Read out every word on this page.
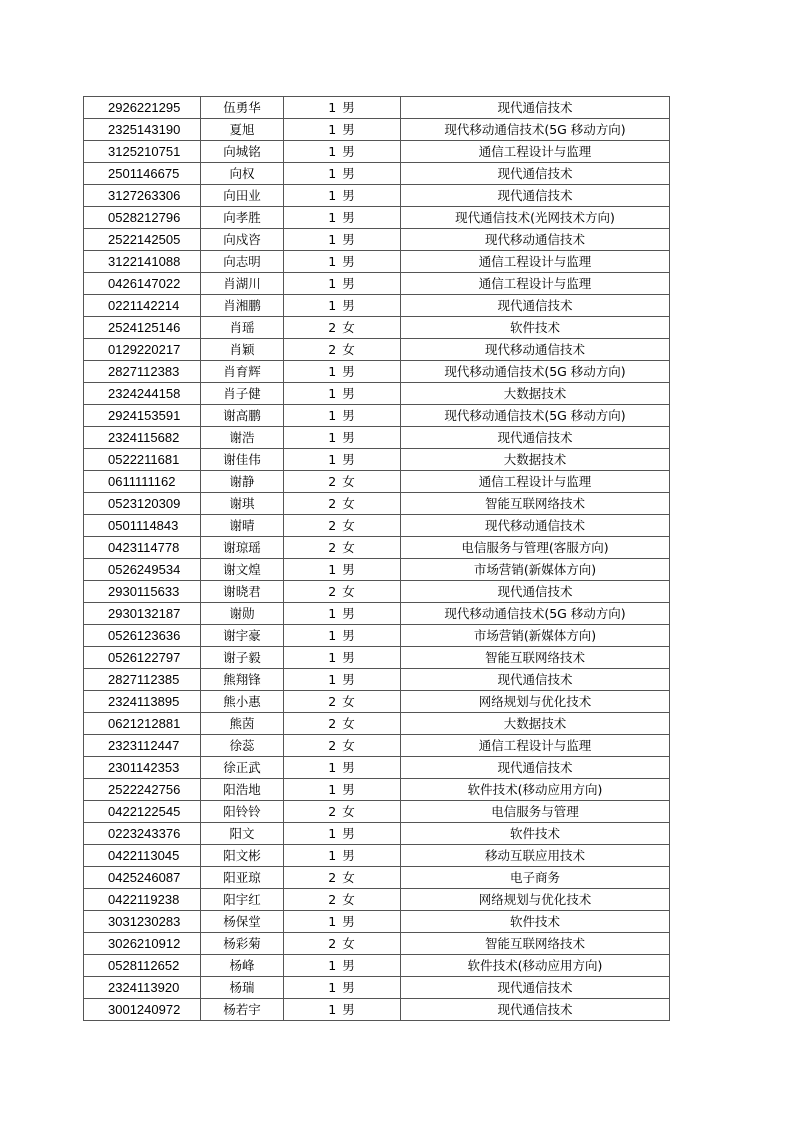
2926221295	伍勇华	1 男	现代通信技术
2325143190	夏旭	1 男	现代移动通信技术(5G 移动方向)
3125210751	向城铭	1 男	通信工程设计与监理
2501146675	向权	1 男	现代通信技术
3127263306	向田业	1 男	现代通信技术
0528212796	向孝胜	1 男	现代通信技术(光网技术方向)
2522142505	向戍咨	1 男	现代移动通信技术
3122141088	向志明	1 男	通信工程设计与监理
0426147022	肖湖川	1 男	通信工程设计与监理
0221142214	肖湘鹏	1 男	现代通信技术
2524125146	肖瑶	2 女	软件技术
0129220217	肖颖	2 女	现代移动通信技术
2827112383	肖育辉	1 男	现代移动通信技术(5G 移动方向)
2324244158	肖子健	1 男	大数据技术
2924153591	谢高鹏	1 男	现代移动通信技术(5G 移动方向)
2324115682	谢浩	1 男	现代通信技术
0522211681	谢佳伟	1 男	大数据技术
0611111162	谢静	2 女	通信工程设计与监理
0523120309	谢琪	2 女	智能互联网络技术
0501114843	谢晴	2 女	现代移动通信技术
0423114778	谢琼瑶	2 女	电信服务与管理(客服方向)
0526249534	谢文煌	1 男	市场营销(新媒体方向)
2930115633	谢晓君	2 女	现代通信技术
2930132187	谢勋	1 男	现代移动通信技术(5G 移动方向)
0526123636	谢宇豪	1 男	市场营销(新媒体方向)
0526122797	谢子毅	1 男	智能互联网络技术
2827112385	熊翔锋	1 男	现代通信技术
2324113895	熊小惠	2 女	网络规划与优化技术
0621212881	熊茵	2 女	大数据技术
2323112447	徐蕊	2 女	通信工程设计与监理
2301142353	徐正武	1 男	现代通信技术
2522242756	阳浩地	1 男	软件技术(移动应用方向)
0422122545	阳铃铃	2 女	电信服务与管理
0223243376	阳文	1 男	软件技术
0422113045	阳文彬	1 男	移动互联应用技术
0425246087	阳亚琼	2 女	电子商务
0422119238	阳宇红	2 女	网络规划与优化技术
3031230283	杨保堂	1 男	软件技术
3026210912	杨彩菊	2 女	智能互联网络技术
0528112652	杨峰	1 男	软件技术(移动应用方向)
2324113920	杨瑞	1 男	现代通信技术
3001240972	杨若宇	1 男	现代通信技术
